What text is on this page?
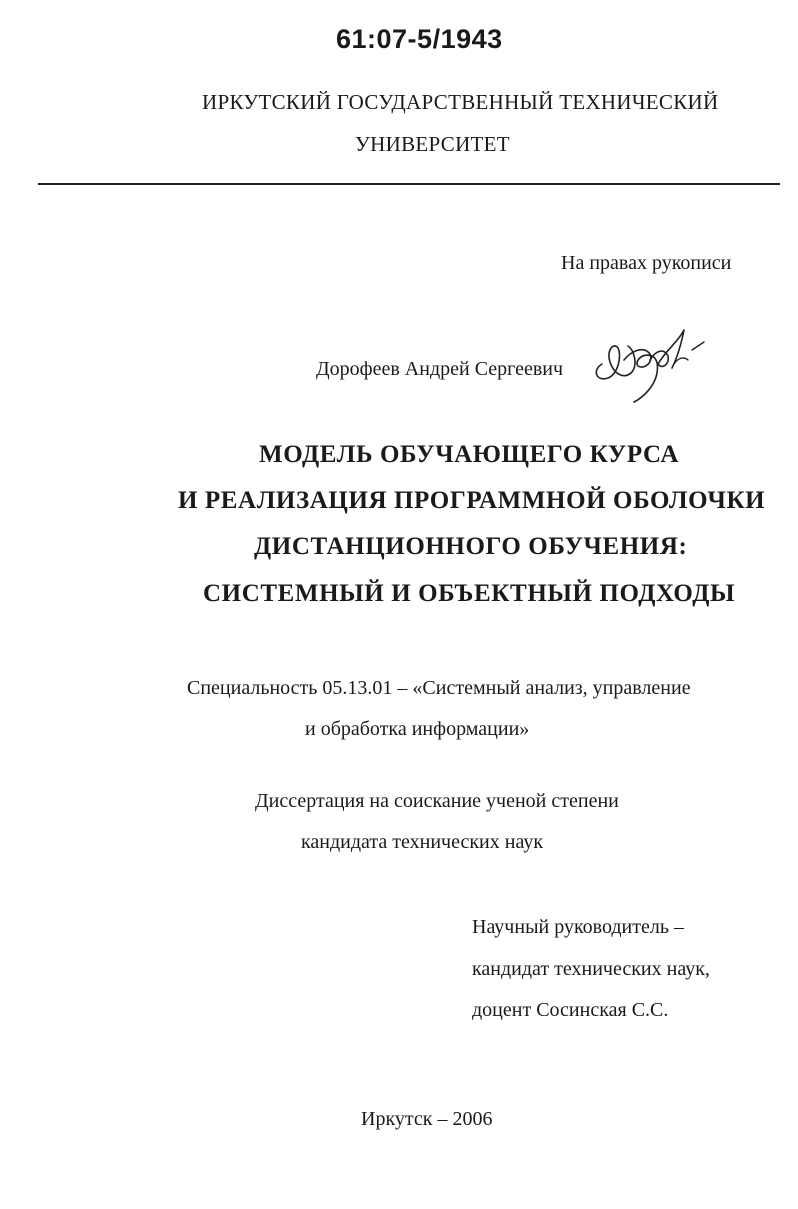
61:07-5/1943
ИРКУТСКИЙ ГОСУДАРСТВЕННЫЙ ТЕХНИЧЕСКИЙ
УНИВЕРСИТЕТ
На правах рукописи
Дорофеев Андрей Сергеевич
МОДЕЛЬ ОБУЧАЮЩЕГО КУРСА
И РЕАЛИЗАЦИЯ ПРОГРАММНОЙ ОБОЛОЧКИ
ДИСТАНЦИОННОГО ОБУЧЕНИЯ:
СИСТЕМНЫЙ И ОБЪЕКТНЫЙ ПОДХОДЫ
Специальность 05.13.01 – «Системный анализ, управление
и обработка информации»
Диссертация на соискание ученой степени
кандидата технических наук
Научный руководитель –
кандидат технических наук,
доцент Сосинская С.С.
Иркутск – 2006
